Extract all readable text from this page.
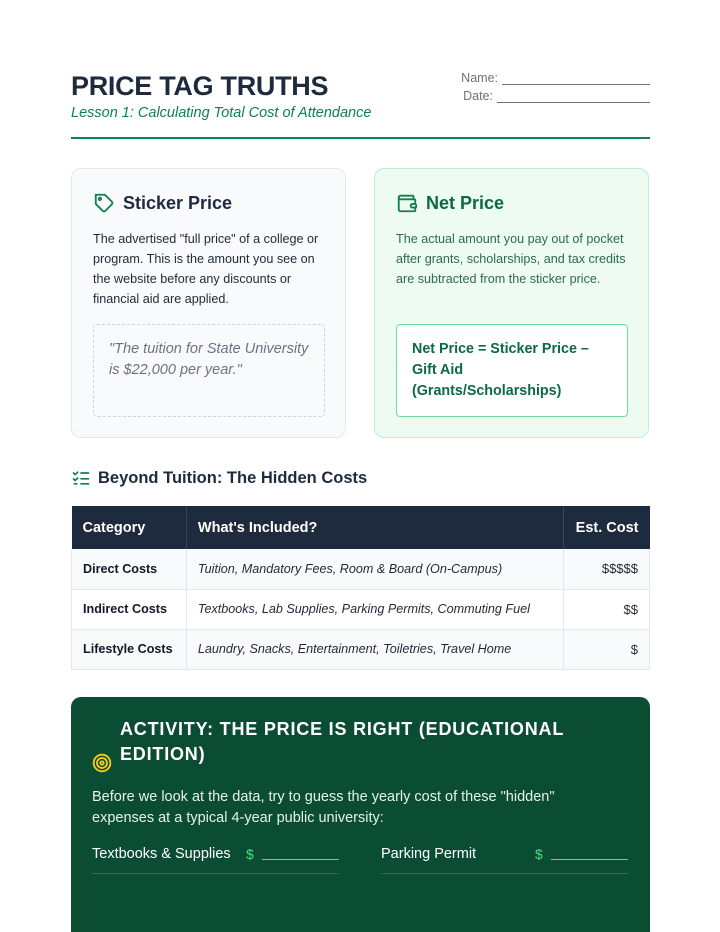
PRICE TAG TRUTHS
Lesson 1: Calculating Total Cost of Attendance
Name:
Date:
Sticker Price
The advertised "full price" of a college or program. This is the amount you see on the website before any discounts or financial aid are applied.
"The tuition for State University is $22,000 per year."
Net Price
The actual amount you pay out of pocket after grants, scholarships, and tax credits are subtracted from the sticker price.
Net Price = Sticker Price – Gift Aid (Grants/Scholarships)
Beyond Tuition: The Hidden Costs
Category	What's Included?	Est. Cost
Direct Costs	Tuition, Mandatory Fees, Room & Board (On-Campus)	$$$$$
Indirect Costs	Textbooks, Lab Supplies, Parking Permits, Commuting Fuel	$$
Lifestyle Costs	Laundry, Snacks, Entertainment, Toiletries, Travel Home	$
ACTIVITY: THE PRICE IS RIGHT (EDUCATIONAL EDITION)
Before we look at the data, try to guess the yearly cost of these "hidden" expenses at a typical 4-year public university:
Textbooks & Supplies $	Parking Permit	$
